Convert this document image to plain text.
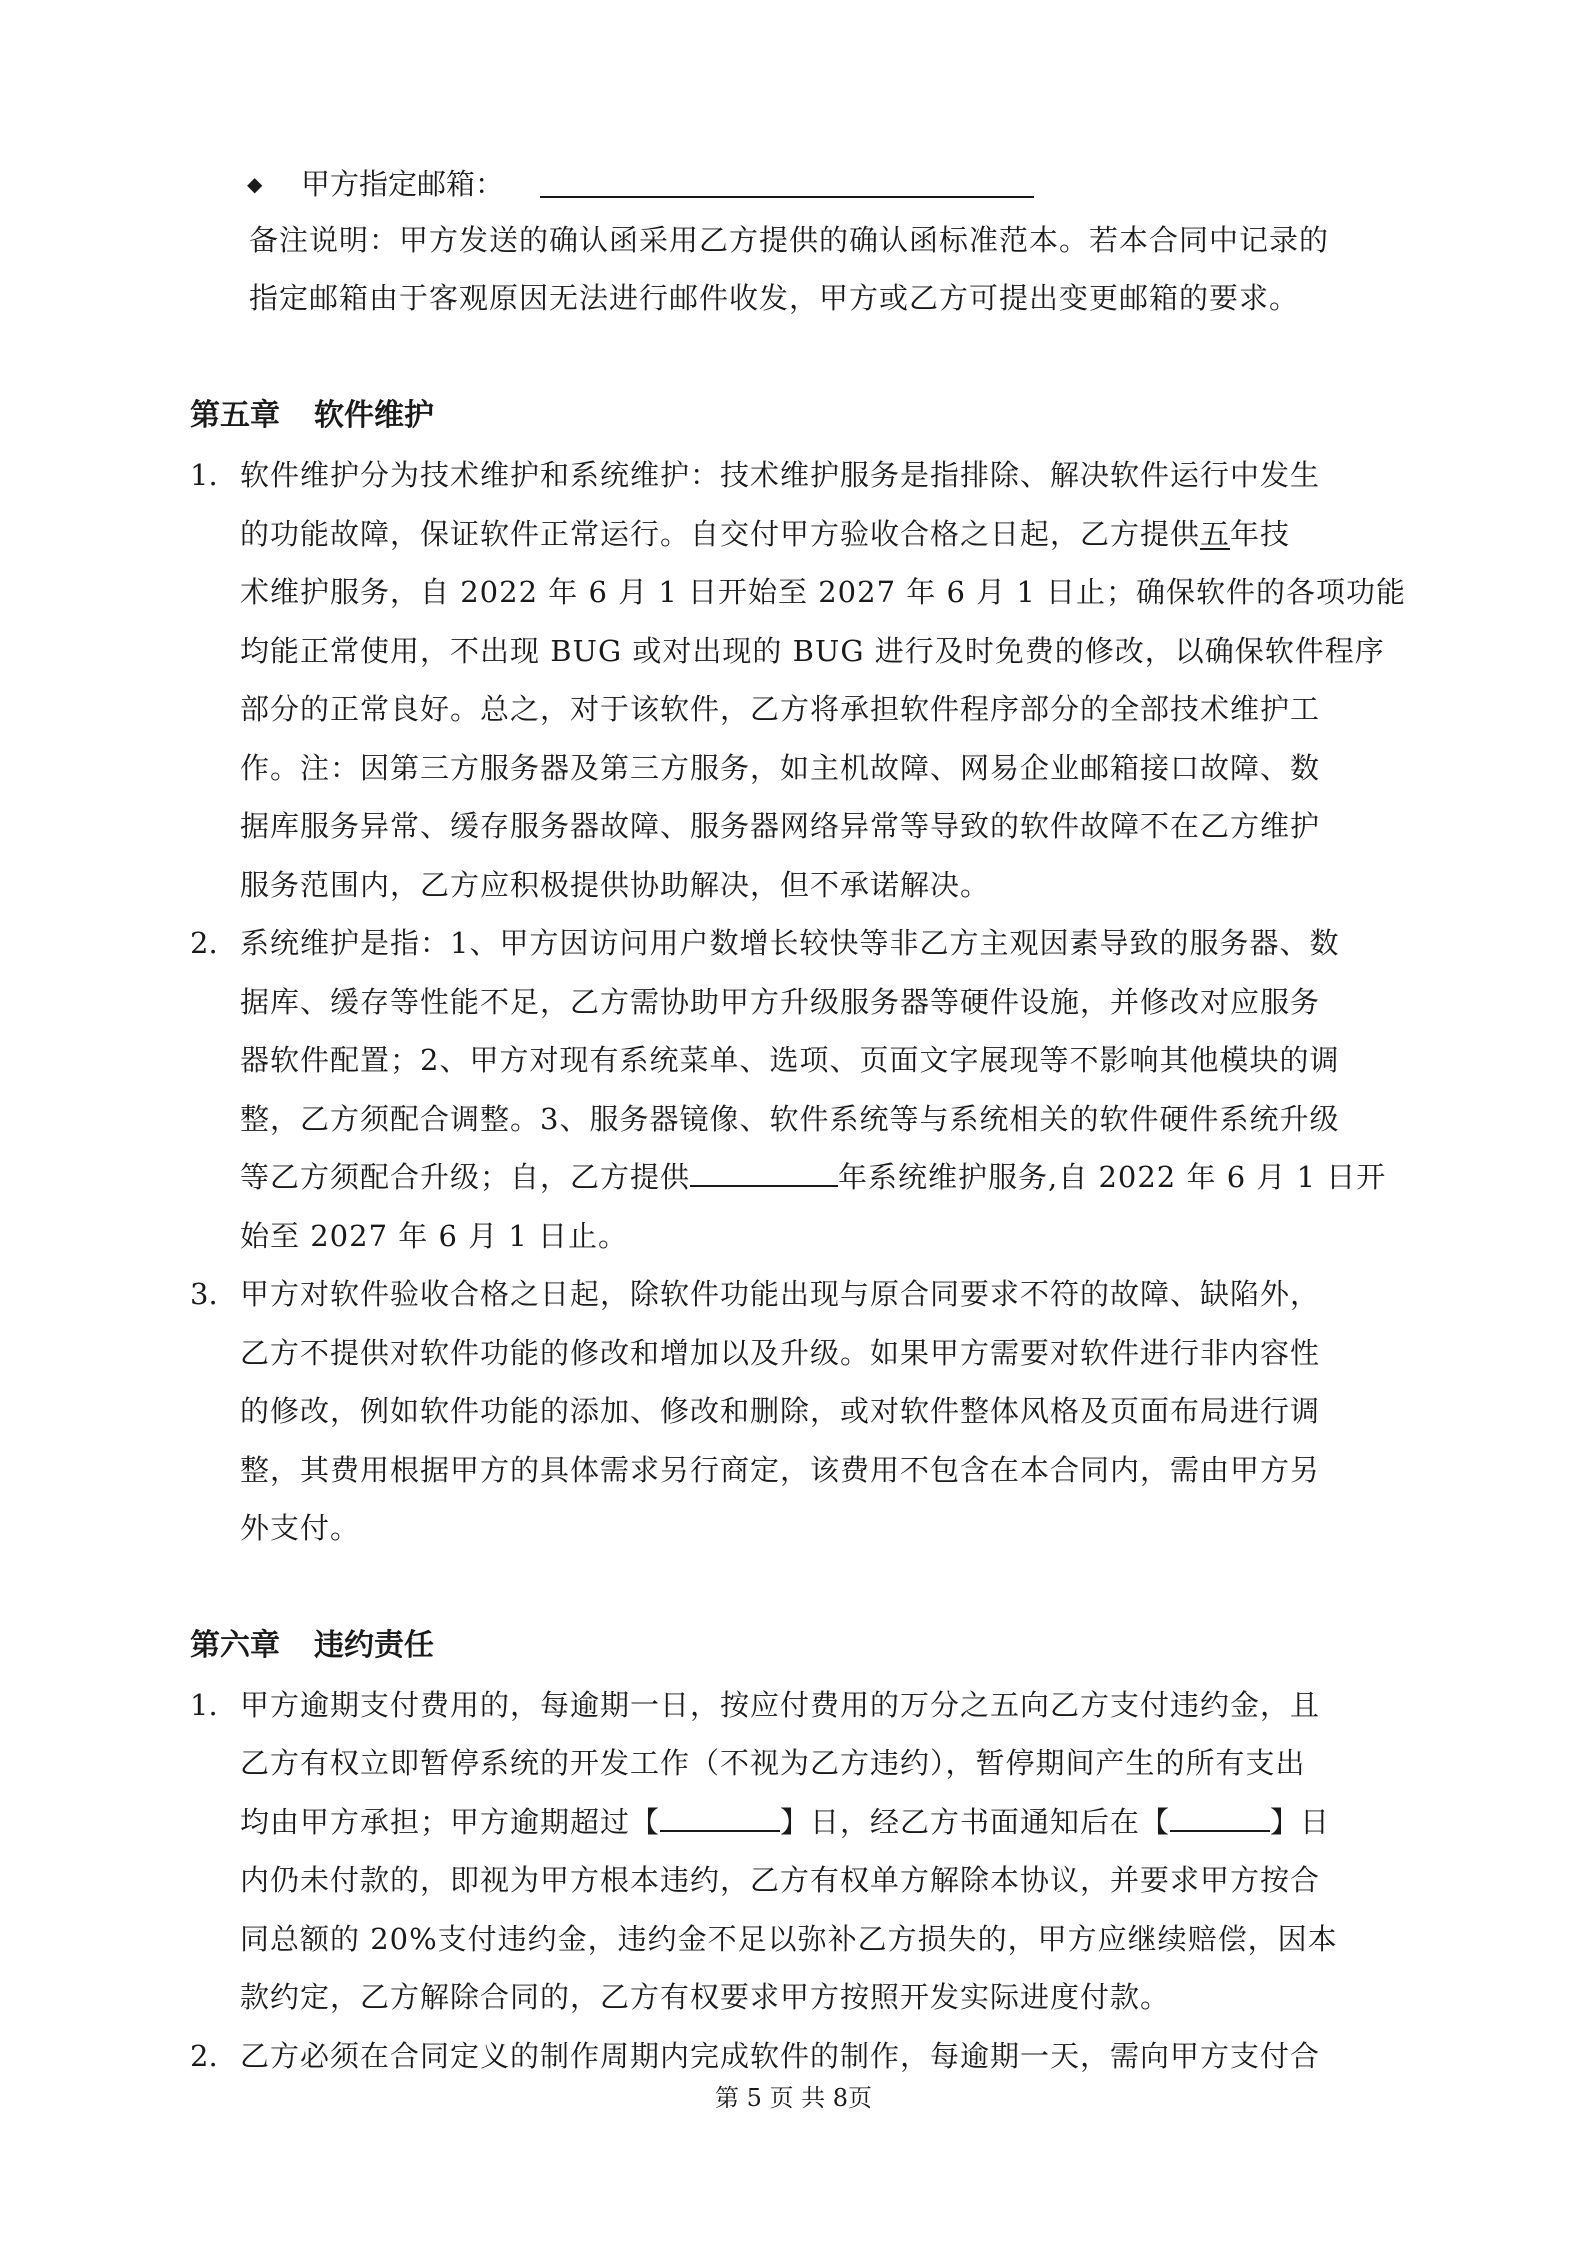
◆ 甲方指定邮箱：
备注说明：甲方发送的确认函采用乙方提供的确认函标准范本。若本合同中记录的
指定邮箱由于客观原因无法进行邮件收发，甲方或乙方可提出变更邮箱的要求。
第五章 软件维护
1. 软件维护分为技术维护和系统维护：技术维护服务是指排除、解决软件运行中发生
的功能故障，保证软件正常运行。自交付甲方验收合格之日起，乙方提供五年技
术维护服务，自 2022 年 6 月 1 日开始至 2027 年 6 月 1 日止；确保软件的各项功能
均能正常使用，不出现 BUG 或对出现的 BUG 进行及时免费的修改，以确保软件程序
部分的正常良好。总之，对于该软件，乙方将承担软件程序部分的全部技术维护工
作。注：因第三方服务器及第三方服务，如主机故障、网易企业邮箱接口故障、数
据库服务异常、缓存服务器故障、服务器网络异常等导致的软件故障不在乙方维护
服务范围内，乙方应积极提供协助解决，但不承诺解决。
2. 系统维护是指：1、甲方因访问用户数增长较快等非乙方主观因素导致的服务器、数
据库、缓存等性能不足，乙方需协助甲方升级服务器等硬件设施，并修改对应服务
器软件配置；2、甲方对现有系统菜单、选项、页面文字展现等不影响其他模块的调
整，乙方须配合调整。3、服务器镜像、软件系统等与系统相关的软件硬件系统升级
等乙方须配合升级；自，乙方提供	年系统维护服务,自 2022 年 6 月 1 日开
始至 2027 年 6 月 1 日止。
3. 甲方对软件验收合格之日起，除软件功能出现与原合同要求不符的故障、缺陷外，
乙方不提供对软件功能的修改和增加以及升级。如果甲方需要对软件进行非内容性
的修改，例如软件功能的添加、修改和删除，或对软件整体风格及页面布局进行调
整，其费用根据甲方的具体需求另行商定，该费用不包含在本合同内，需由甲方另
外支付。
第六章 违约责任
1. 甲方逾期支付费用的，每逾期一日，按应付费用的万分之五向乙方支付违约金，且
乙方有权立即暂停系统的开发工作（不视为乙方违约），暂停期间产生的所有支出
均由甲方承担；甲方逾期超过【	】日，经乙方书面通知后在【	】日
内仍未付款的，即视为甲方根本违约，乙方有权单方解除本协议，并要求甲方按合
同总额的 20%支付违约金，违约金不足以弥补乙方损失的，甲方应继续赔偿，因本
款约定，乙方解除合同的，乙方有权要求甲方按照开发实际进度付款。
2. 乙方必须在合同定义的制作周期内完成软件的制作，每逾期一天，需向甲方支付合
第 5 页 共 8页
